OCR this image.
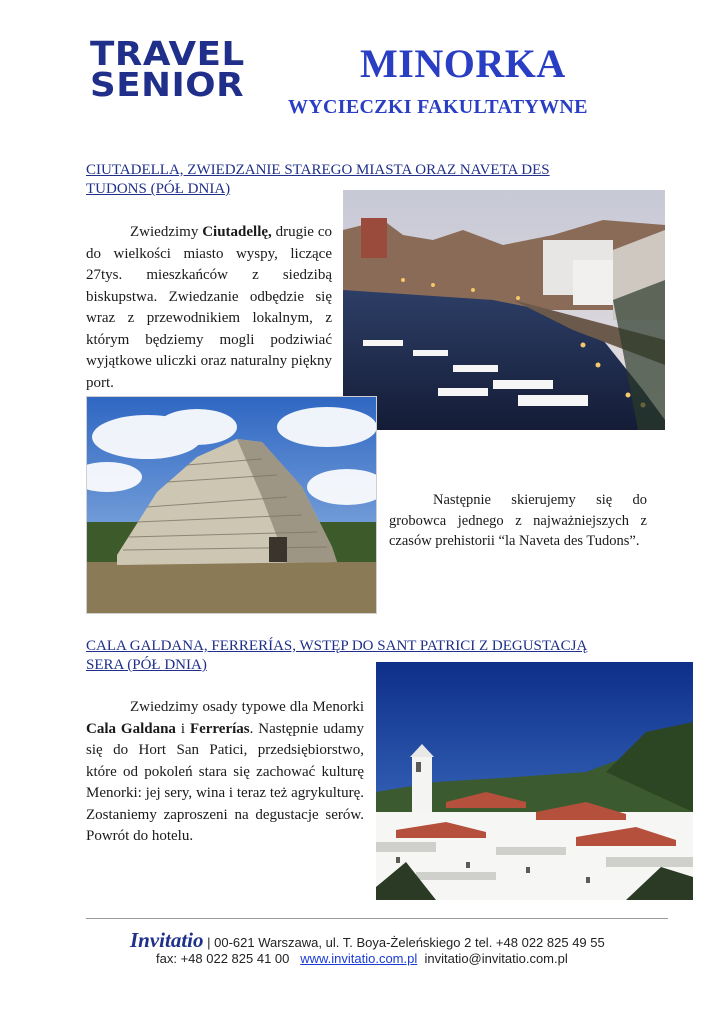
TRAVEL
SENIOR	MINORKA
WYCIECZKI FAKULTATYWNE
CIUTADELLA, ZWIEDZANIE STAREGO MIASTA ORAZ NAVETA DES
TUDONS (PÓŁ DNIA)
Zwiedzimy Ciutadellę, drugie co do wielkości miasto wyspy, liczące 27tys. mieszkańców z siedzibą biskupstwa. Zwiedzanie odbędzie się wraz z przewodnikiem lokalnym, z którym będziemy mogli podziwiać wyjątkowe uliczki oraz naturalny piękny port.
Następnie skierujemy się do grobowca jednego z najważniejszych z czasów prehistorii “la Naveta des Tudons”.
CALA GALDANA, FERRERÍAS, WSTĘP DO SANT PATRICI Z DEGUSTACJĄ
SERA (PÓŁ DNIA)
Zwiedzimy osady typowe dla Menorki Cala Galdana i Ferrerías. Następnie udamy się do Hort San Patici, przedsiębiorstwo, które od pokoleń stara się zachować kulturę Menorki: jej sery, wina i teraz też agrykulturę. Zostaniemy zaproszeni na degustacje serów. Powrót do hotelu.
Invitatio | 00-621 Warszawa, ul. T. Boya-Żeleńskiego 2 tel. +48 022 825 49 55
fax: +48 022 825 41 00   www.invitatio.com.pl  invitatio@invitatio.com.pl
